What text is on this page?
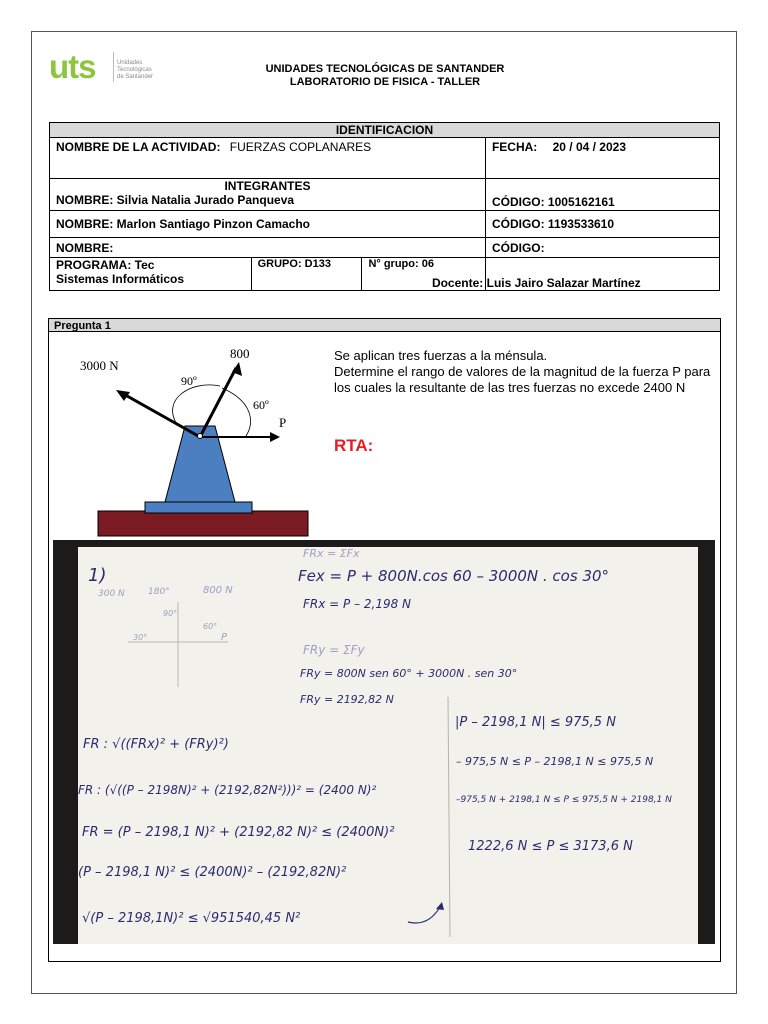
uts	Unidades
Tecnológicas
de Santander
UNIDADES TECNOLÓGICAS DE SANTANDER
LABORATORIO DE FISICA - TALLER
IDENTIFICACION			
NOMBRE DE LA ACTIVIDAD: FUERZAS COPLANARES			FECHA: 20 / 04 / 2023

INTEGRANTES
NOMBRE: Silvia Natalia Jurado Panqueva			CÓDIGO: 1005162161
NOMBRE: Marlon Santiago Pinzon Camacho			CÓDIGO: 1193533610
NOMBRE:			CÓDIGO:

PROGRAMA: Tec
Sistemas Informáticos	GRUPO: D133	N° grupo: 06	Docente: Luis Jairo Salazar Martínez
Pregunta 1
3000 N
800
90º
60º
P
Se aplican tres fuerzas a la ménsula.
Determine el rango de valores de la magnitud de la fuerza P para los cuales la resultante de las tres fuerzas no excede 2400 N
RTA:
FRx = ΣFx
1)
300 N	180°	800 N
90°
30°
60°
P
Fex = P + 800N.cos 60 – 3000N . cos 30°
FRx = P – 2,198 N
FRy = ΣFy
FRy = 800N sen 60° + 3000N . sen 30°
FRy = 2192,82 N
|P – 2198,1 N| ≤ 975,5 N
– 975,5 N ≤ P – 2198,1 N ≤ 975,5 N
–975,5 N + 2198,1 N ≤ P ≤ 975,5 N + 2198,1 N
1222,6 N ≤ P ≤ 3173,6 N
FR : √((FRx)² + (FRy)²)
FR : (√((P – 2198N)² + (2192,82N²)))² = (2400 N)²
FR = (P – 2198,1 N)² + (2192,82 N)² ≤ (2400N)²
(P – 2198,1 N)² ≤ (2400N)² – (2192,82N)²
√(P – 2198,1N)² ≤ √951540,45 N²
